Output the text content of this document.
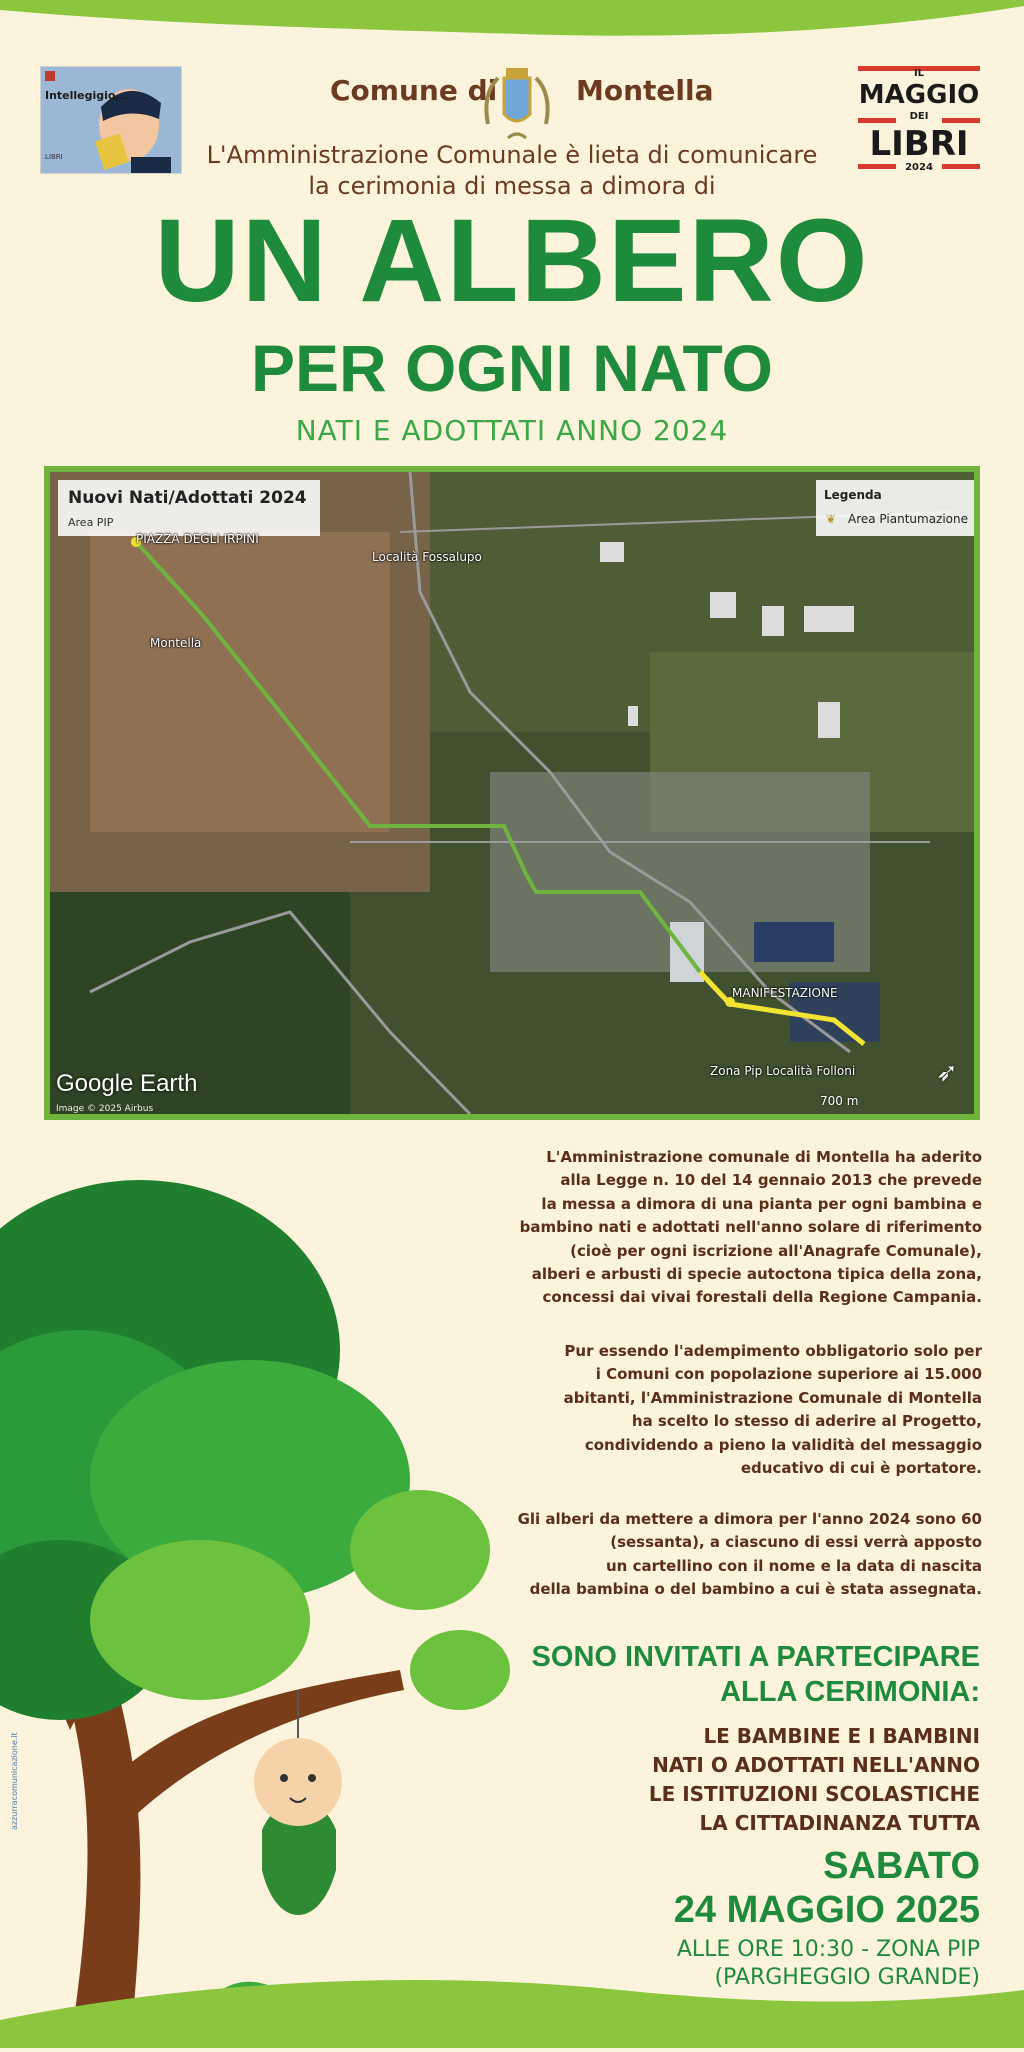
Intellegigio...
LIBRI
Comune di	Montella
IL
MAGGIO
DEI
LIBRI
2024
L'Amministrazione Comunale è lieta di comunicare
la cerimonia di messa a dimora di
UN ALBERO
PER OGNI NATO
NATI E ADOTTATI ANNO 2024
Nuovi Nati/Adottati 2024
Area PIP
Legenda
❦ Area Piantumazione
PIAZZA DEGLI IRPINI
Località Fossalupo
Montella
MANIFESTAZIONE
Zona Pip Località Folloni
Google Earth
Image © 2025 Airbus
700 m
➶
L'Amministrazione comunale di Montella ha aderito
alla Legge n. 10 del 14 gennaio 2013 che prevede
la messa a dimora di una pianta per ogni bambina e
bambino nati e adottati nell'anno solare di riferimento
(cioè per ogni iscrizione all'Anagrafe Comunale),
alberi e arbusti di specie autoctona tipica della zona,
concessi dai vivai forestali della Regione Campania.
Pur essendo l'adempimento obbligatorio solo per
i Comuni con popolazione superiore ai 15.000
abitanti, l'Amministrazione Comunale di Montella
ha scelto lo stesso di aderire al Progetto,
condividendo a pieno la validità del messaggio
educativo di cui è portatore.
Gli alberi da mettere a dimora per l'anno 2024 sono 60
(sessanta), a ciascuno di essi verrà apposto
un cartellino con il nome e la data di nascita
della bambina o del bambino a cui è stata assegnata.
SONO INVITATI A PARTECIPARE
ALLA CERIMONIA:
LE BAMBINE E I BAMBINI
NATI O ADOTTATI NELL'ANNO
LE ISTITUZIONI SCOLASTICHE
LA CITTADINANZA TUTTA
SABATO
24 MAGGIO 2025
ALLE ORE 10:30 - ZONA PIP
(PARGHEGGIO GRANDE)
azzurracomunicazione.it
